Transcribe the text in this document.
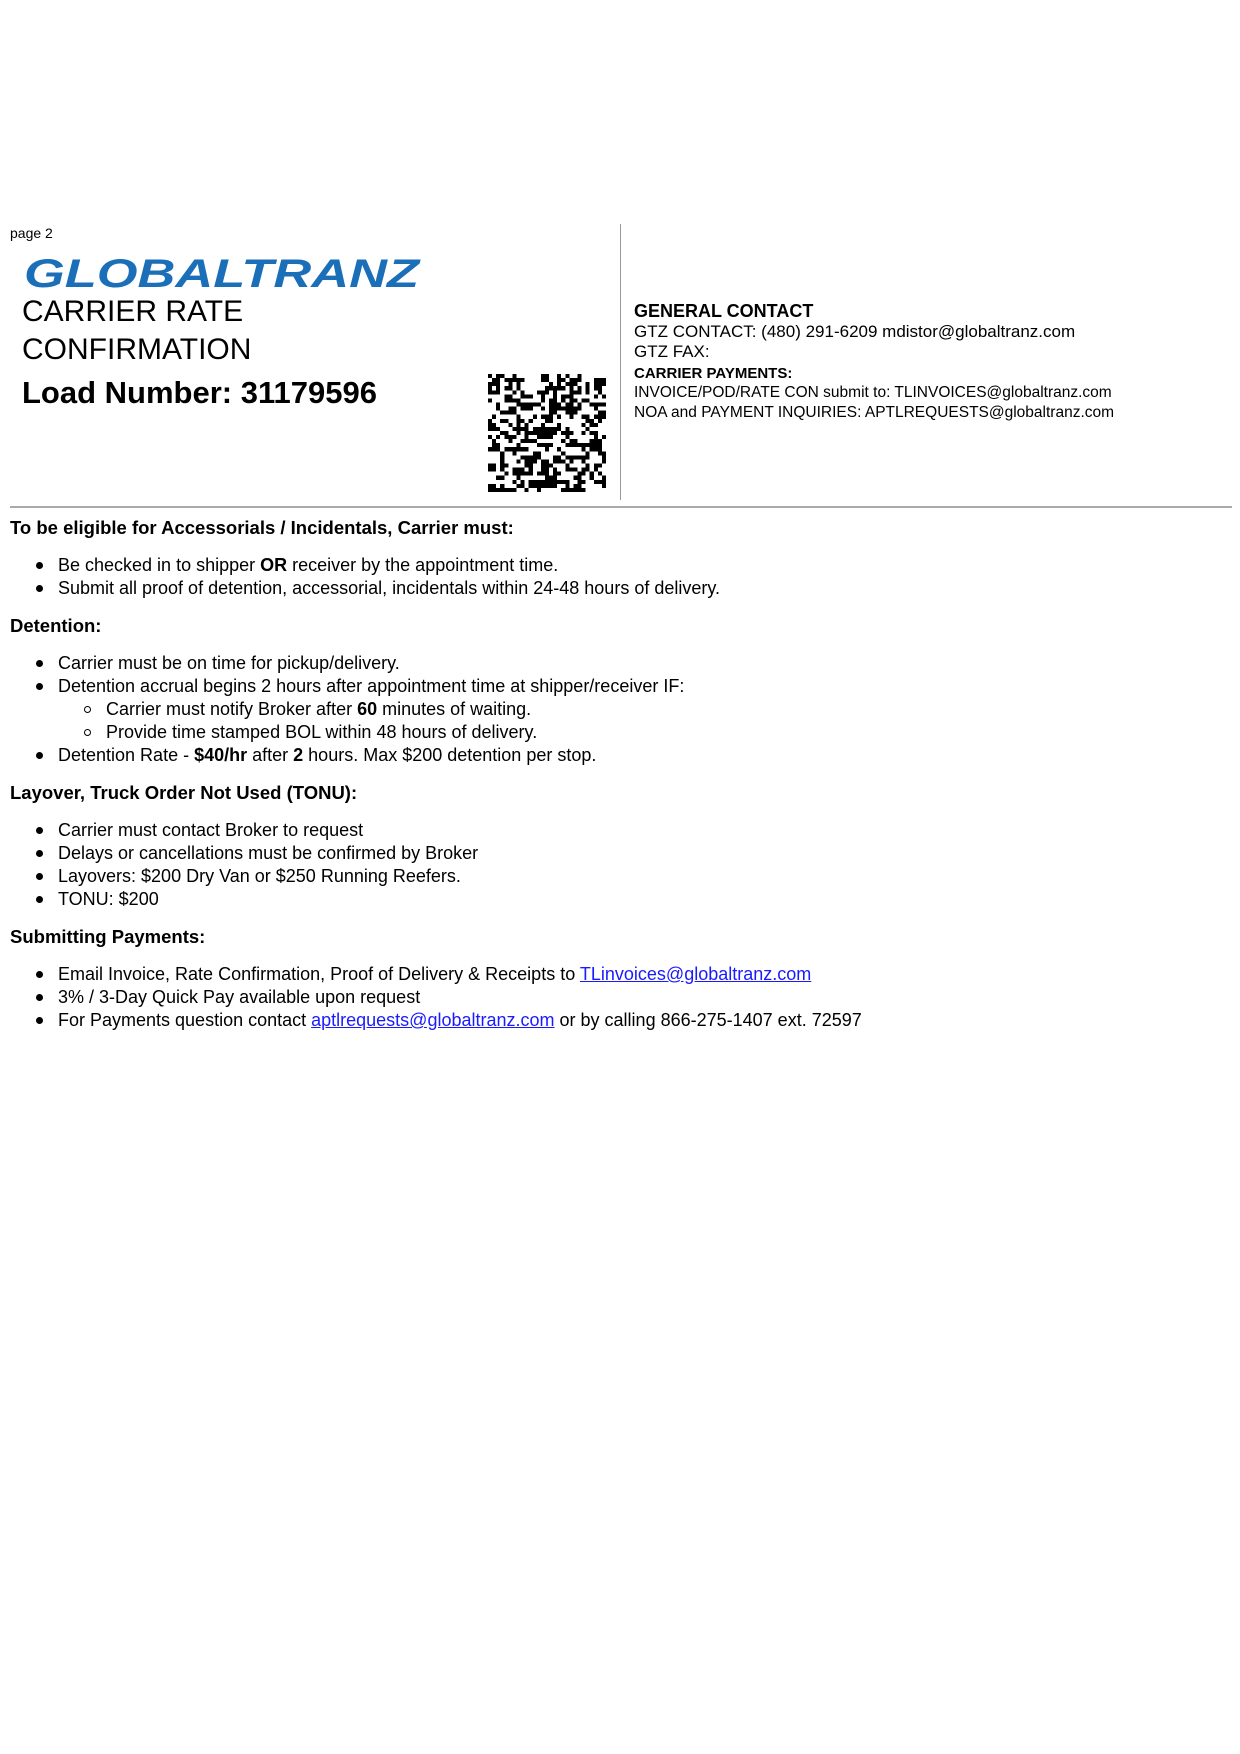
page 2
GLOBALTRANZ
CARRIER RATE
CONFIRMATION
Load Number: 31179596
GENERAL CONTACT
GTZ CONTACT: (480) 291-6209 mdistor@globaltranz.com
GTZ FAX:
CARRIER PAYMENTS:
INVOICE/POD/RATE CON submit to: TLINVOICES@globaltranz.com
NOA and PAYMENT INQUIRIES: APTLREQUESTS@globaltranz.com

To be eligible for Accessorials / Incidentals, Carrier must:

Be checked in to shipper OR receiver by the appointment time.
Submit all proof of detention, accessorial, incidentals within 24-48 hours of delivery.

Detention:

Carrier must be on time for pickup/delivery.
Detention accrual begins 2 hours after appointment time at shipper/receiver IF:
Carrier must notify Broker after 60 minutes of waiting.
Provide time stamped BOL within 48 hours of delivery.
Detention Rate - $40/hr after 2 hours. Max $200 detention per stop.

Layover, Truck Order Not Used (TONU):

Carrier must contact Broker to request
Delays or cancellations must be confirmed by Broker
Layovers: $200 Dry Van or $250 Running Reefers.
TONU: $200

Submitting Payments:

Email Invoice, Rate Confirmation, Proof of Delivery & Receipts to TLinvoices@globaltranz.com
3% / 3-Day Quick Pay available upon request
For Payments question contact aptlrequests@globaltranz.com or by calling 866-275-1407 ext. 72597
